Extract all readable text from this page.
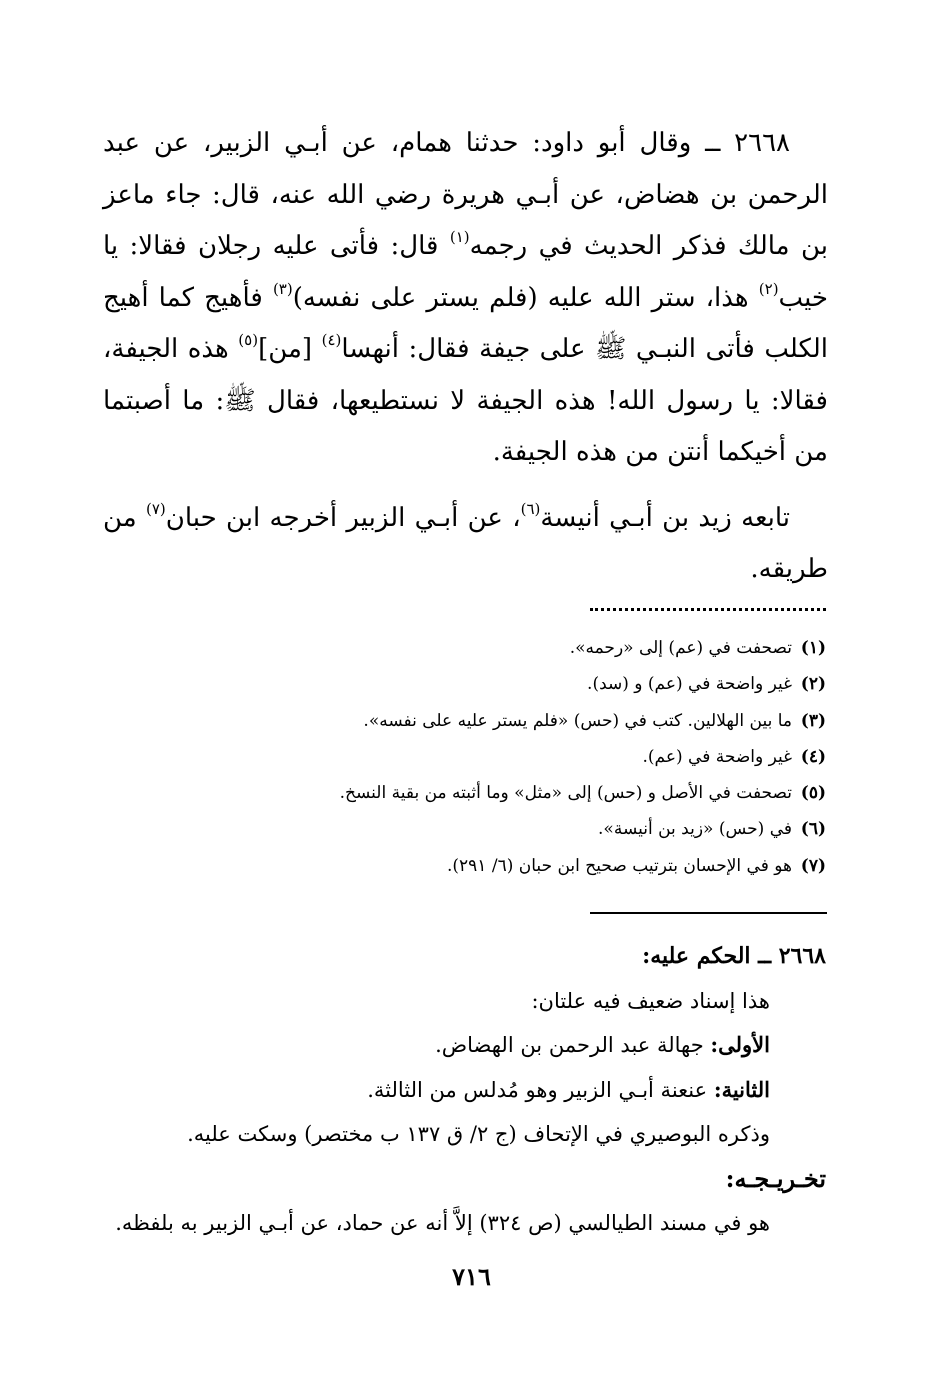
٢٦٦٨ ــ وقال أبو داود: حدثنا همام، عن أبـي الزبير، عن عبد الرحمن بن هضاض، عن أبـي هريرة رضي الله عنه، قال: جاء ماعز بن مالك فذكر الحديث في رجمه$^{(١)}$ قال: فأتى عليه رجلان فقالا: يا خيب$^{(٢)}$ هذا، ستر الله عليه (فلم يستر على نفسه)$^{(٣)}$ فأهيج كما أهيج الكلب فأتى النبـي ﷺ على جيفة فقال: أنهسا$^{(٤)}$ [من]$^{(٥)}$ هذه الجيفة، فقالا: يا رسول الله! هذه الجيفة لا نستطيعها، فقال ﷺ: ما أصبتما من أخيكما أنتن من هذه الجيفة.

تابعه زيد بن أبـي أنيسة$^{(٦)}$، عن أبـي الزبير أخرجه ابن حبان$^{(٧)}$ من طريقه.

(١)تصحفت في (عم) إلى «رحمه».
(٢)غير واضحة في (عم) و (سد).
(٣)ما بين الهلالين. كتب في (حس) «فلم يستر عليه على نفسه».
(٤)غير واضحة في (عم).
(٥)تصحفت في الأصل و (حس) إلى «مثل» وما أثبته من بقية النسخ.
(٦)في (حس) «زيد بن أنيسة».
(٧)هو في الإحسان بترتيب صحيح ابن حبان (٦/ ٢٩١).
٢٦٦٨ ــ الحكم عليه:
هذا إسناد ضعيف فيه علتان:
الأولى: جهالة عبد الرحمن بن الهضاض.
الثانية: عنعنة أبـي الزبير وهو مُدلس من الثالثة.
وذكره البوصيري في الإتحاف (ج ٢/ ق ١٣٧ ب مختصر) وسكت عليه.
تخـريـجـه:
هو في مسند الطيالسي (ص ٣٢٤) إلاَّ أنه عن حماد، عن أبـي الزبير به بلفظه.
٧١٦
